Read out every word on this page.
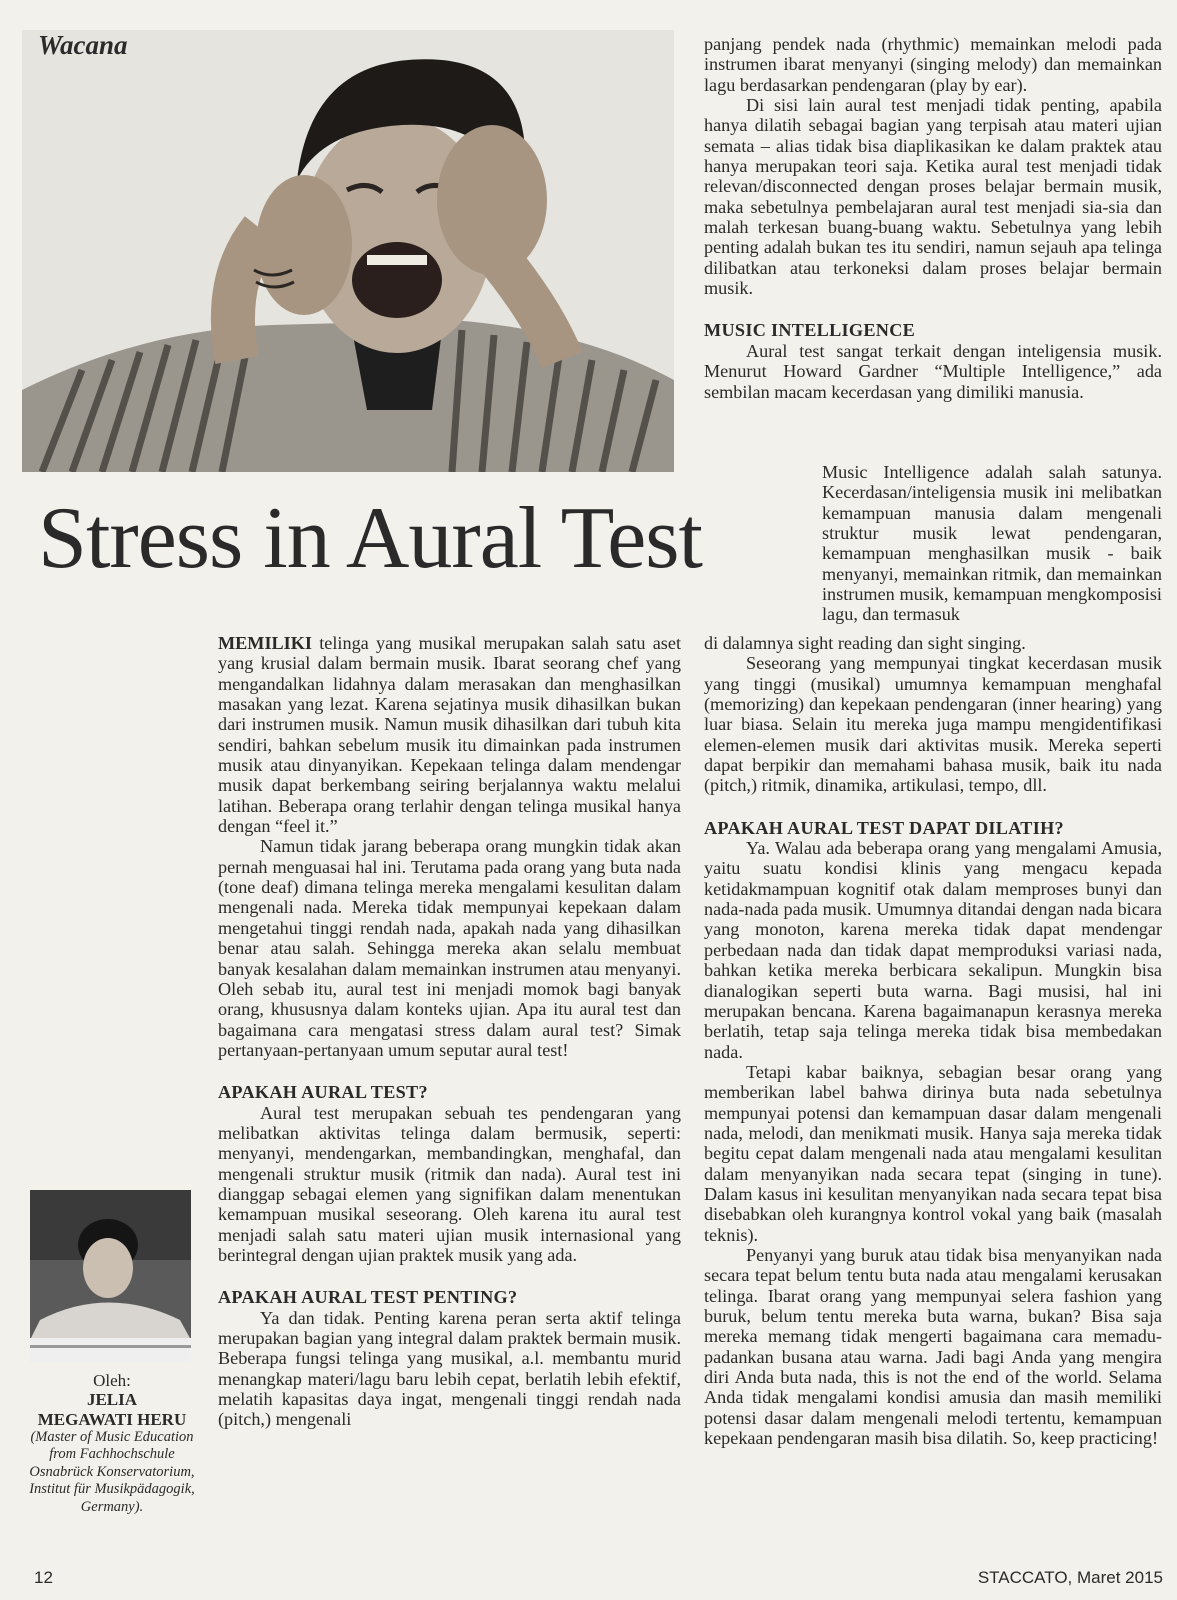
Wacana
Stress in Aural Test

panjang pendek nada (rhythmic) memainkan melodi pada instrumen ibarat menyanyi (singing melody) dan memainkan lagu berdasarkan pendengaran (play by ear).

Di sisi lain aural test menjadi tidak penting, apabila hanya dilatih sebagai bagian yang terpisah atau materi ujian semata – alias tidak bisa diaplikasikan ke dalam praktek atau hanya merupakan teori saja. Ketika aural test menjadi tidak relevan/disconnected dengan proses belajar bermain musik, maka sebetulnya pembelajaran aural test menjadi sia-sia dan malah terkesan buang-buang waktu. Sebetulnya yang lebih penting adalah bukan tes itu sendiri, namun sejauh apa telinga dilibatkan atau terkoneksi dalam proses belajar bermain musik.

MUSIC INTELLIGENCE

Aural test sangat terkait dengan inteligensia musik. Menurut Howard Gardner “Multiple Intelligence,” ada sembilan macam kecerdasan yang dimiliki manusia.

Music Intelligence adalah salah satunya. Kecerdasan/inteligensia musik ini melibatkan kemampuan manusia dalam mengenali struktur musik lewat pendengaran, kemampuan menghasilkan musik - baik menyanyi, memainkan ritmik, dan memainkan instrumen musik, kemampuan mengkomposisi lagu, dan termasuk

di dalamnya sight reading dan sight singing.

Seseorang yang mempunyai tingkat kecerdasan musik yang tinggi (musikal) umumnya kemampuan menghafal (memorizing) dan kepekaan pendengaran (inner hearing) yang luar biasa. Selain itu mereka juga mampu mengidentifikasi elemen-elemen musik dari aktivitas musik. Mereka seperti dapat berpikir dan memahami bahasa musik, baik itu nada (pitch,) ritmik, dinamika, artikulasi, tempo, dll.

APAKAH AURAL TEST DAPAT DILATIH?

Ya. Walau ada beberapa orang yang mengalami Amusia, yaitu suatu kondisi klinis yang mengacu kepada ketidakmampuan kognitif otak dalam memproses bunyi dan nada-nada pada musik. Umumnya ditandai dengan nada bicara yang monoton, karena mereka tidak dapat mendengar perbedaan nada dan tidak dapat memproduksi variasi nada, bahkan ketika mereka berbicara sekalipun. Mungkin bisa dianalogikan seperti buta warna. Bagi musisi, hal ini merupakan bencana. Karena bagaimanapun kerasnya mereka berlatih, tetap saja telinga mereka tidak bisa membedakan nada.

Tetapi kabar baiknya, sebagian besar orang yang memberikan label bahwa dirinya buta nada sebetulnya mempunyai potensi dan kemampuan dasar dalam mengenali nada, melodi, dan menikmati musik. Hanya saja mereka tidak begitu cepat dalam mengenali nada atau mengalami kesulitan dalam menyanyikan nada secara tepat (singing in tune). Dalam kasus ini kesulitan menyanyikan nada secara tepat bisa disebabkan oleh kurangnya kontrol vokal yang baik (masalah teknis).

Penyanyi yang buruk atau tidak bisa menyanyikan nada secara tepat belum tentu buta nada atau mengalami kerusakan telinga. Ibarat orang yang mempunyai selera fashion yang buruk, belum tentu mereka buta warna, bukan? Bisa saja mereka memang tidak mengerti bagaimana cara memadu-padankan busana atau warna. Jadi bagi Anda yang mengira diri Anda buta nada, this is not the end of the world. Selama Anda tidak mengalami kondisi amusia dan masih memiliki potensi dasar dalam mengenali melodi tertentu, kemampuan kepekaan pendengaran masih bisa dilatih. So, keep practicing!

MEMILIKI telinga yang musikal merupakan salah satu aset yang krusial dalam bermain musik. Ibarat seorang chef yang mengandalkan lidahnya dalam merasakan dan menghasilkan masakan yang lezat. Karena sejatinya musik dihasilkan bukan dari instrumen musik. Namun musik dihasilkan dari tubuh kita sendiri, bahkan sebelum musik itu dimainkan pada instrumen musik atau dinyanyikan. Kepekaan telinga dalam mendengar musik dapat berkembang seiring berjalannya waktu melalui latihan. Beberapa orang terlahir dengan telinga musikal hanya dengan “feel it.”

Namun tidak jarang beberapa orang mungkin tidak akan pernah menguasai hal ini. Terutama pada orang yang buta nada (tone deaf) dimana telinga mereka mengalami kesulitan dalam mengenali nada. Mereka tidak mempunyai kepekaan dalam mengetahui tinggi rendah nada, apakah nada yang dihasilkan benar atau salah. Sehingga mereka akan selalu membuat banyak kesalahan dalam memainkan instrumen atau menyanyi. Oleh sebab itu, aural test ini menjadi momok bagi banyak orang, khususnya dalam konteks ujian. Apa itu aural test dan bagaimana cara mengatasi stress dalam aural test? Simak pertanyaan-pertanyaan umum seputar aural test!

APAKAH AURAL TEST?

Aural test merupakan sebuah tes pendengaran yang melibatkan aktivitas telinga dalam bermusik, seperti: menyanyi, mendengarkan, membandingkan, menghafal, dan mengenali struktur musik (ritmik dan nada). Aural test ini dianggap sebagai elemen yang signifikan dalam menentukan kemampuan musikal seseorang. Oleh karena itu aural test menjadi salah satu materi ujian musik internasional yang berintegral dengan ujian praktek musik yang ada.

APAKAH AURAL TEST PENTING?

Ya dan tidak. Penting karena peran serta aktif telinga merupakan bagian yang integral dalam praktek bermain musik. Beberapa fungsi telinga yang musikal, a.l. membantu murid menangkap materi/lagu baru lebih cepat, berlatih lebih efektif, melatih kapasitas daya ingat, mengenali tinggi rendah nada (pitch,) mengenali

Oleh:
JELIA
MEGAWATI HERU
(Master of Music Education from Fachhochschule Osnabrück Konservatorium, Institut für Musikpädagogik, Germany).
12	STACCATO, Maret 2015
